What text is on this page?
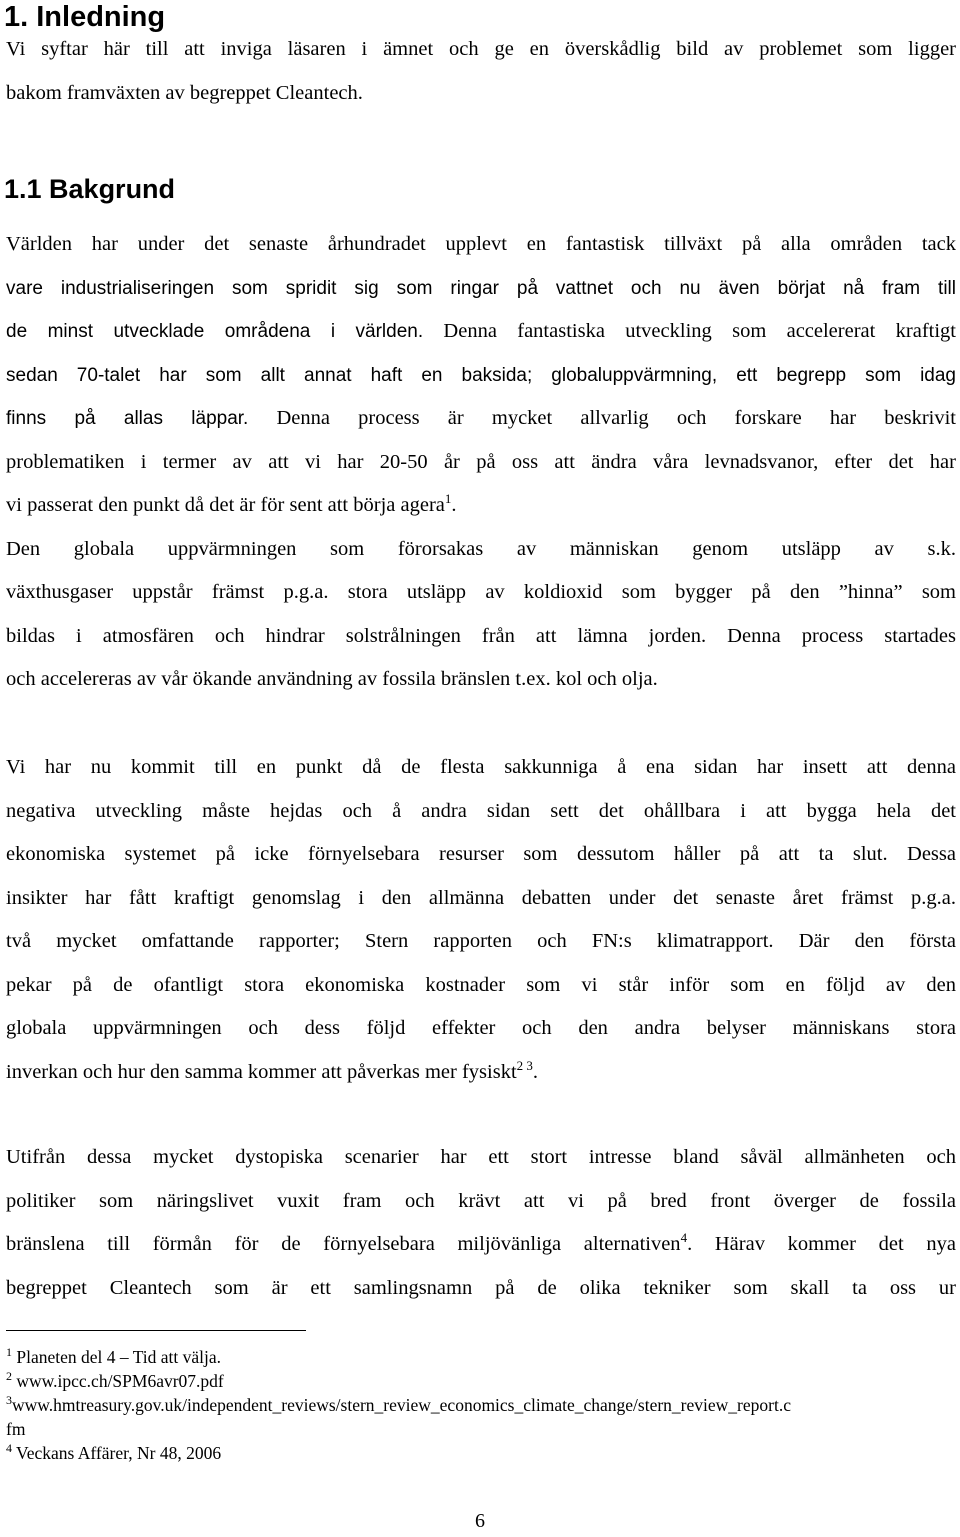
1. Inledning
Vi syftar här till att inviga läsaren i ämnet och ge en överskådlig bild av problemet som ligger
bakom framväxten av begreppet Cleantech.
1.1 Bakgrund
Världen har under det senaste århundradet upplevt en fantastisk tillväxt på alla områden tack
vare industrialiseringen som spridit sig som ringar på vattnet och nu även börjat nå fram till
de minst utvecklade områdena i världen. Denna fantastiska utveckling som accelererat kraftigt
sedan 70-talet har som allt annat haft en baksida; globaluppvärmning, ett begrepp som idag
finns på allas läppar. Denna process är mycket allvarlig och forskare har beskrivit
problematiken i termer av att vi har 20-50 år på oss att ändra våra levnadsvanor, efter det har
vi passerat den punkt då det är för sent att börja agera$^1$.
Den globala uppvärmningen som förorsakas av människan genom utsläpp av s.k.
växthusgaser uppstår främst p.g.a. stora utsläpp av koldioxid som bygger på den ”hinna” som
bildas i atmosfären och hindrar solstrålningen från att lämna jorden. Denna process startades
och accelereras av vår ökande användning av fossila bränslen t.ex. kol och olja.
Vi har nu kommit till en punkt då de flesta sakkunniga å ena sidan har insett att denna
negativa utveckling måste hejdas och å andra sidan sett det ohållbara i att bygga hela det
ekonomiska systemet på icke förnyelsebara resurser som dessutom håller på att ta slut. Dessa
insikter har fått kraftigt genomslag i den allmänna debatten under det senaste året främst p.g.a.
två mycket omfattande rapporter; Stern rapporten och FN:s klimatrapport. Där den första
pekar på de ofantligt stora ekonomiska kostnader som vi står inför som en följd av den
globala uppvärmningen och dess följd effekter och den andra belyser människans stora
inverkan och hur den samma kommer att påverkas mer fysiskt$^{2 3}$.
Utifrån dessa mycket dystopiska scenarier har ett stort intresse bland såväl allmänheten och
politiker som näringslivet vuxit fram och krävt att vi på bred front överger de fossila
bränslena till förmån för de förnyelsebara miljövänliga alternativen$^4$. Härav kommer det nya
begreppet Cleantech som är ett samlingsnamn på de olika tekniker som skall ta oss ur
$^1$ Planeten del 4 – Tid att välja.
$^2$ www.ipcc.ch/SPM6avr07.pdf
$^3$www.hmtreasury.gov.uk/independent_reviews/stern_review_economics_climate_change/stern_review_report.c
fm
$^4$ Veckans Affärer, Nr 48, 2006
6
